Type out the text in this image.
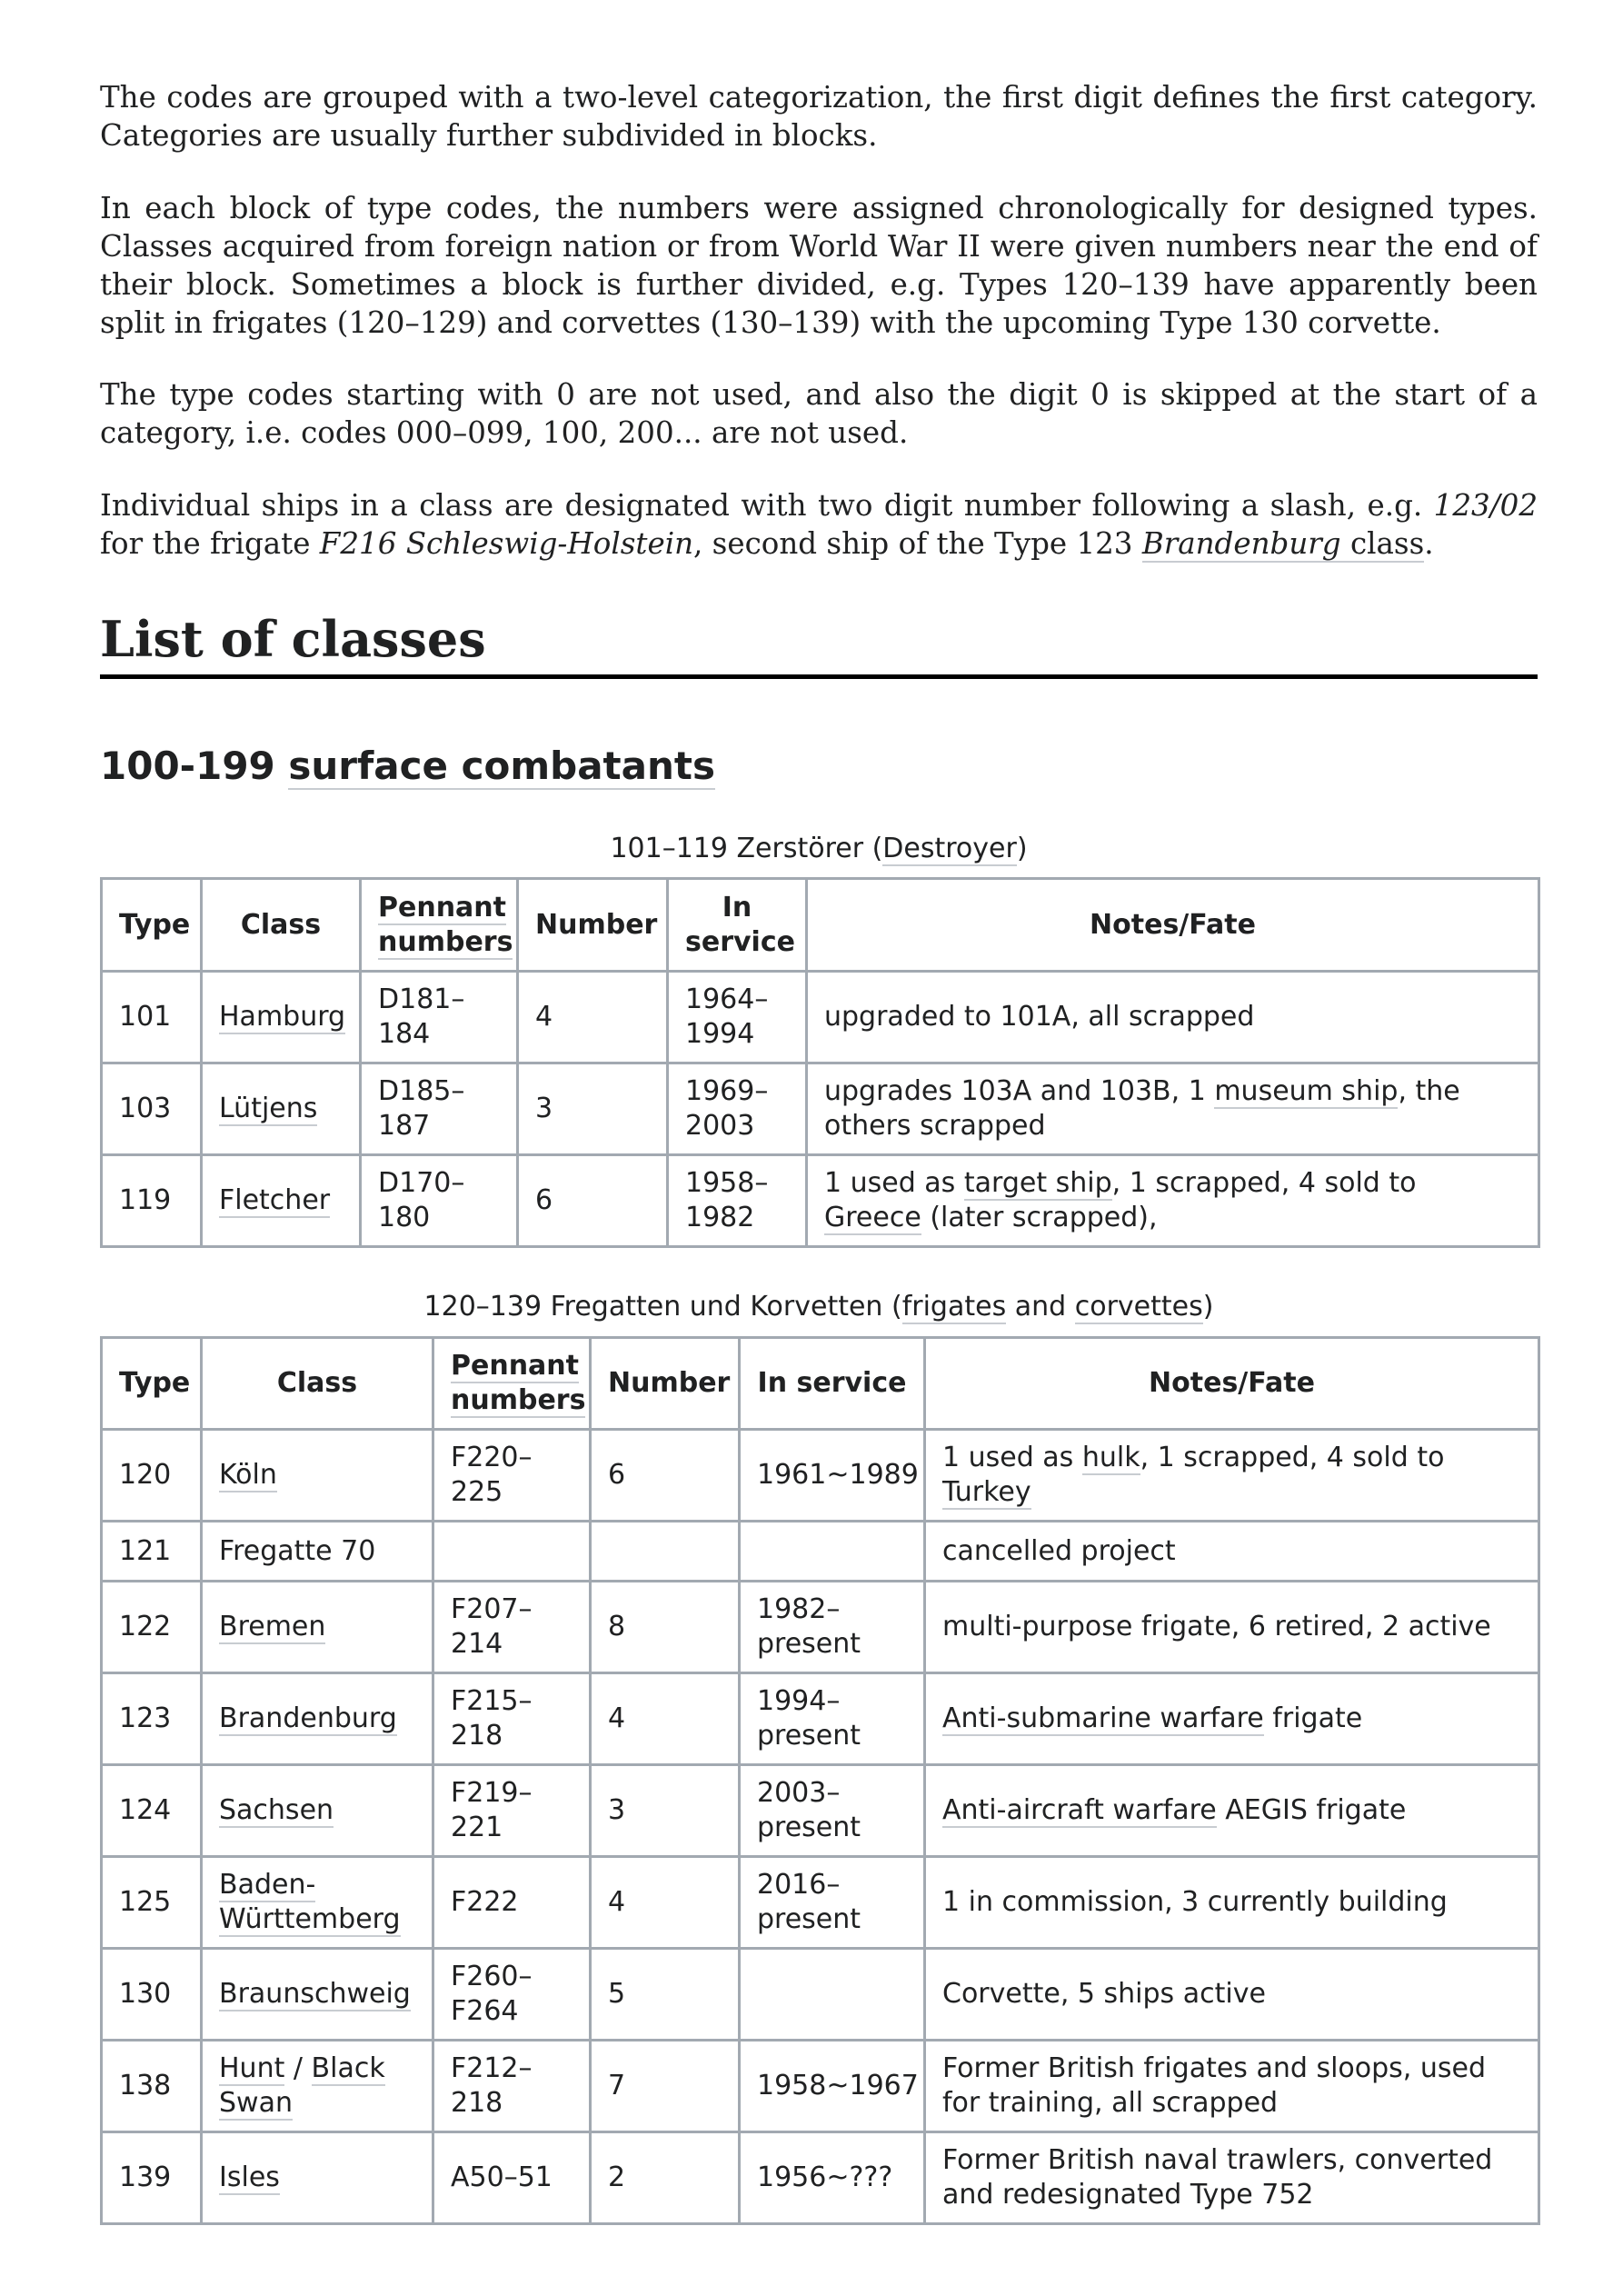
The codes are grouped with a two-level categorization, the first digit defines the first category. Categories are usually further subdivided in blocks.

In each block of type codes, the numbers were assigned chronologically for designed types. Classes acquired from foreign nation or from World War II were given numbers near the end of their block. Sometimes a block is further divided, e.g. Types 120–139 have apparently been split in frigates (120–129) and corvettes (130–139) with the upcoming Type 130 corvette.

The type codes starting with 0 are not used, and also the digit 0 is skipped at the start of a category, i.e. codes 000–099, 100, 200... are not used.

Individual ships in a class are designated with two digit number following a slash, e.g. 123/02 for the frigate F216 Schleswig-Holstein, second ship of the Type 123 Brandenburg class.

List of classes
100-199 surface combatants
101–119 Zerstörer (Destroyer)
Type	Class	Pennant numbers	Number	In service	Notes/Fate
101	Hamburg	D181–184	4	1964–1994	upgraded to 101A, all scrapped
103	Lütjens	D185–187	3	1969–2003	upgrades 103A and 103B, 1 museum ship, the others scrapped
119	Fletcher	D170–180	6	1958–1982	1 used as target ship, 1 scrapped, 4 sold to Greece (later scrapped),
120–139 Fregatten und Korvetten (frigates and corvettes)
Type	Class	Pennant numbers	Number	In service	Notes/Fate
120	Köln	F220–225	6	1961~1989	1 used as hulk, 1 scrapped, 4 sold to Turkey
121	Fregatte 70				cancelled project
122	Bremen	F207–214	8	1982–present	multi-purpose frigate, 6 retired, 2 active
123	Brandenburg	F215–218	4	1994–present	Anti-submarine warfare frigate
124	Sachsen	F219–221	3	2003–present	Anti-aircraft warfare AEGIS frigate
125	Baden-Württemberg	F222	4	2016–present	1 in commission, 3 currently building
130	Braunschweig	F260–F264	5		Corvette, 5 ships active
138	Hunt / Black Swan	F212–218	7	1958~1967	Former British frigates and sloops, used for training, all scrapped
139	Isles	A50–51	2	1956~???	Former British naval trawlers, converted and redesignated Type 752
